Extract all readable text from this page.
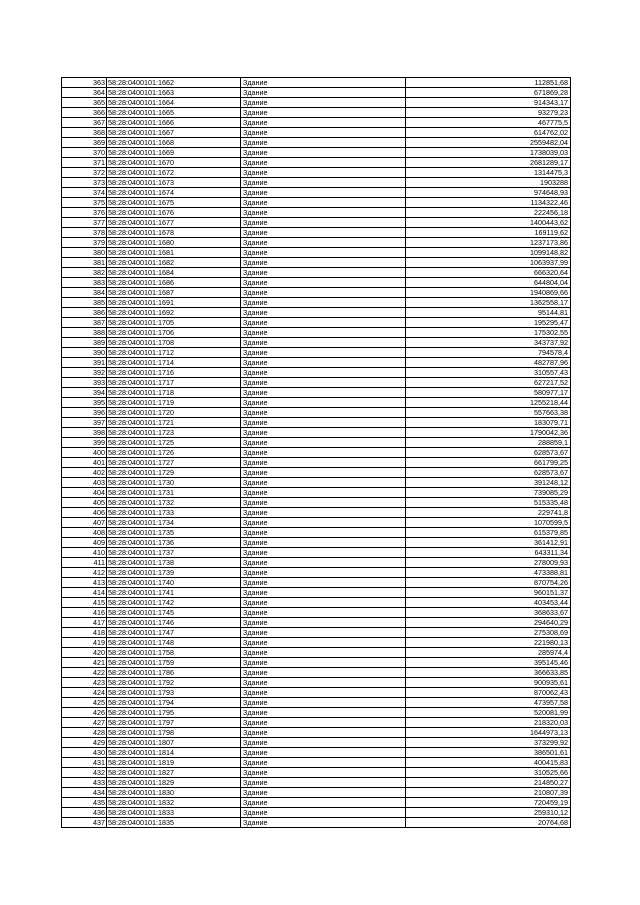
363	58:28:0400101:1662	Здание	112851,68
364	58:28:0400101:1663	Здание	671869,28
365	58:28:0400101:1664	Здание	914343,17
366	58:28:0400101:1665	Здание	93279,23
367	58:28:0400101:1666	Здание	467775,5
368	58:28:0400101:1667	Здание	614762,02
369	58:28:0400101:1668	Здание	2559482,04
370	58:28:0400101:1669	Здание	1738039,03
371	58:28:0400101:1670	Здание	2681289,17
372	58:28:0400101:1672	Здание	1314475,3
373	58:28:0400101:1673	Здание	1903288
374	58:28:0400101:1674	Здание	974648,93
375	58:28:0400101:1675	Здание	1134322,46
376	58:28:0400101:1676	Здание	222456,18
377	58:28:0400101:1677	Здание	1400443,62
378	58:28:0400101:1678	Здание	169119,62
379	58:28:0400101:1680	Здание	1237173,86
380	58:28:0400101:1681	Здание	1099148,82
381	58:28:0400101:1682	Здание	1063937,99
382	58:28:0400101:1684	Здание	666320,64
383	58:28:0400101:1686	Здание	644804,04
384	58:28:0400101:1687	Здание	1940869,66
385	58:28:0400101:1691	Здание	1362558,17
386	58:28:0400101:1692	Здание	95144,81
387	58:28:0400101:1705	Здание	195295,47
388	58:28:0400101:1706	Здание	175302,55
389	58:28:0400101:1708	Здание	343737,92
390	58:28:0400101:1712	Здание	794578,4
391	58:28:0400101:1714	Здание	482787,96
392	58:28:0400101:1716	Здание	310557,43
393	58:28:0400101:1717	Здание	627217,52
394	58:28:0400101:1718	Здание	580977,17
395	58:28:0400101:1719	Здание	1255218,44
396	58:28:0400101:1720	Здание	557663,38
397	58:28:0400101:1721	Здание	183079,71
398	58:28:0400101:1723	Здание	1790042,36
399	58:28:0400101:1725	Здание	288859,1
400	58:28:0400101:1726	Здание	628573,67
401	58:28:0400101:1727	Здание	661799,25
402	58:28:0400101:1729	Здание	628573,67
403	58:28:0400101:1730	Здание	391248,12
404	58:28:0400101:1731	Здание	739085,29
405	58:28:0400101:1732	Здание	515335,48
406	58:28:0400101:1733	Здание	229741,8
407	58:28:0400101:1734	Здание	1070599,5
408	58:28:0400101:1735	Здание	615379,85
409	58:28:0400101:1736	Здание	361412,91
410	58:28:0400101:1737	Здание	643311,34
411	58:28:0400101:1738	Здание	278009,93
412	58:28:0400101:1739	Здание	473388,81
413	58:28:0400101:1740	Здание	870754,26
414	58:28:0400101:1741	Здание	960151,37
415	58:28:0400101:1742	Здание	403453,44
416	58:28:0400101:1745	Здание	368633,67
417	58:28:0400101:1746	Здание	294640,29
418	58:28:0400101:1747	Здание	275308,69
419	58:28:0400101:1748	Здание	221980,13
420	58:28:0400101:1758	Здание	285974,4
421	58:28:0400101:1759	Здание	395145,46
422	58:28:0400101:1786	Здание	366633,85
423	58:28:0400101:1792	Здание	900935,61
424	58:28:0400101:1793	Здание	870062,43
425	58:28:0400101:1794	Здание	473957,58
426	58:28:0400101:1795	Здание	520081,99
427	58:28:0400101:1797	Здание	218320,03
428	58:28:0400101:1798	Здание	1644973,13
429	58:28:0400101:1807	Здание	373299,92
430	58:28:0400101:1814	Здание	386501,61
431	58:28:0400101:1819	Здание	400415,83
432	58:28:0400101:1827	Здание	310525,66
433	58:28:0400101:1829	Здание	214850,27
434	58:28:0400101:1830	Здание	210807,39
435	58:28:0400101:1832	Здание	720459,19
436	58:28:0400101:1833	Здание	259310,12
437	58:28:0400101:1835	Здание	20764,68
